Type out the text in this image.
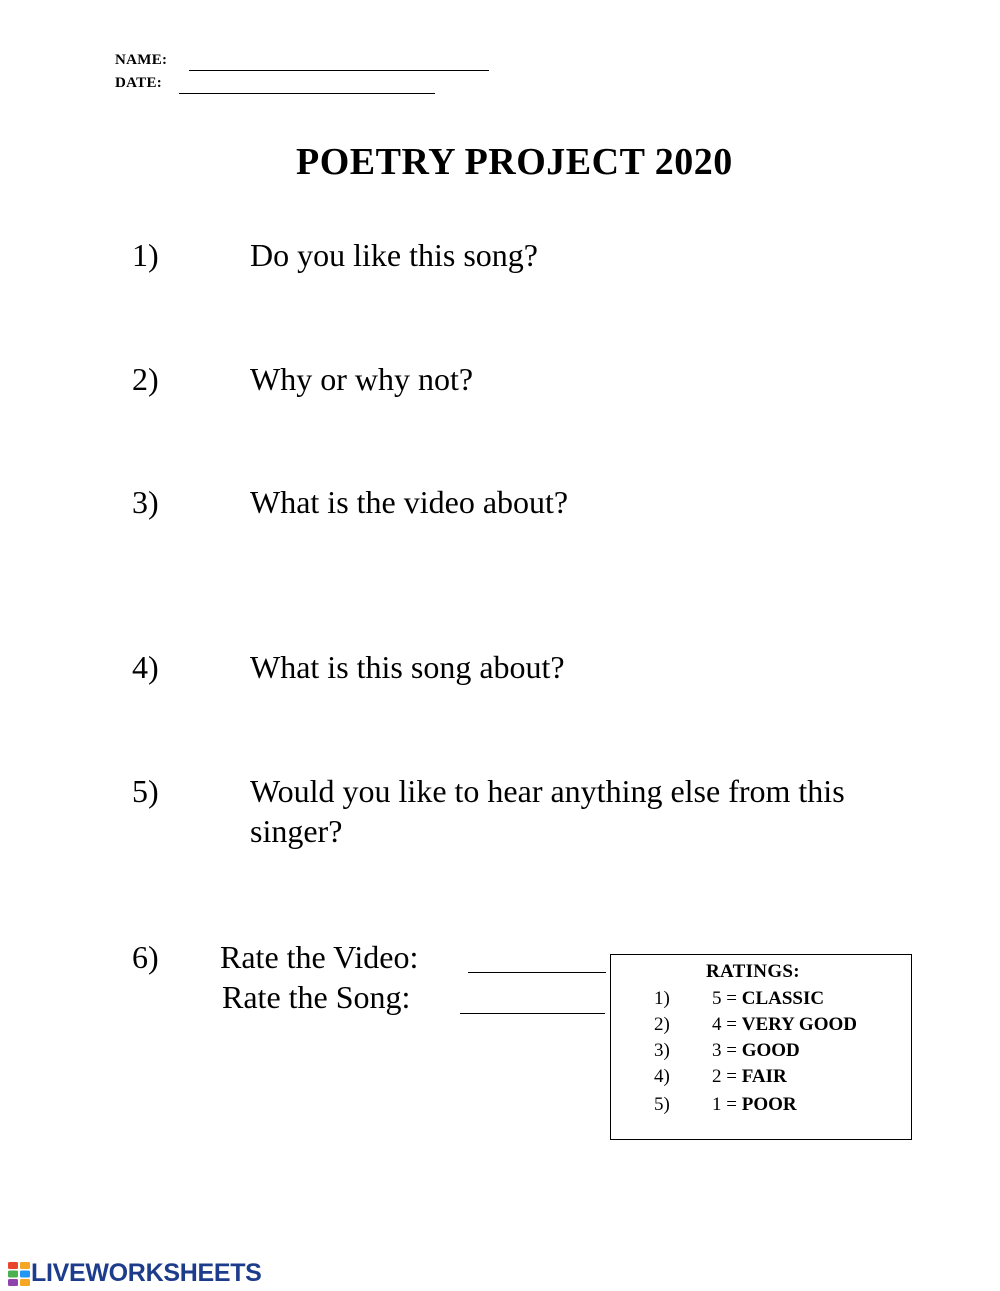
NAME:
DATE:
POETRY PROJECT 2020
1)	Do you like this song?
2)	Why or why not?
3)	What is the video about?
4)	What is this song about?
5)	Would you like to hear anything else from this
singer?
6) Rate the Video:
Rate the Song:
RATINGS:
1) 5 = CLASSIC
2) 4 = VERY GOOD
3) 3 = GOOD
4) 2 = FAIR
5) 1 = POOR
LIVEWORKSHEETS
